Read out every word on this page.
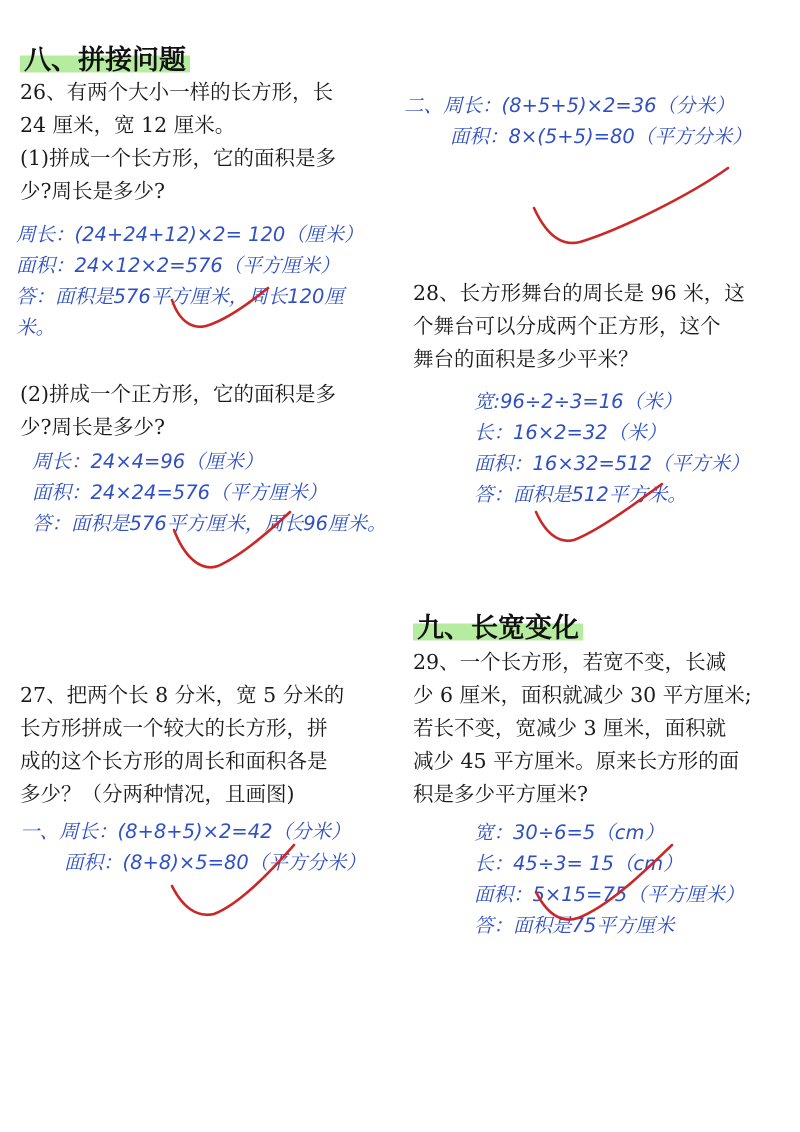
八、拼接问题
九、长宽变化
26、有两个大小一样的长方形，长
24 厘米，宽 12 厘米。
(1)拼成一个长方形，它的面积是多
少?周长是多少?
周长：(24+24+12)×2= 120（厘米）
面积：24×12×2=576（平方厘米）
答：面积是576平方厘米，周长120厘
米。
(2)拼成一个正方形，它的面积是多
少?周长是多少?
周长：24×4=96（厘米）
面积：24×24=576（平方厘米）
答：面积是576平方厘米，周长96厘米。
27、把两个长 8 分米，宽 5 分米的
长方形拼成一个较大的长方形，拼
成的这个长方形的周长和面积各是
多少？（分两种情况，且画图)
一、周长：(8+8+5)×2=42（分米）
面积：(8+8)×5=80（平方分米）
二、周长：(8+5+5)×2=36（分米）
面积：8×(5+5)=80（平方分米）
28、长方形舞台的周长是 96 米，这
个舞台可以分成两个正方形，这个
舞台的面积是多少平米？
宽:96÷2÷3=16（米）
长：16×2=32（米）
面积：16×32=512（平方米）
答：面积是512平方米。
29、一个长方形，若宽不变，长减
少 6 厘米，面积就减少 30 平方厘米;
若长不变，宽减少 3 厘米，面积就
减少 45 平方厘米。原来长方形的面
积是多少平方厘米?
宽：30÷6=5（cm）
长：45÷3= 15（cm）
面积：5×15=75（平方厘米）
答：面积是75平方厘米
